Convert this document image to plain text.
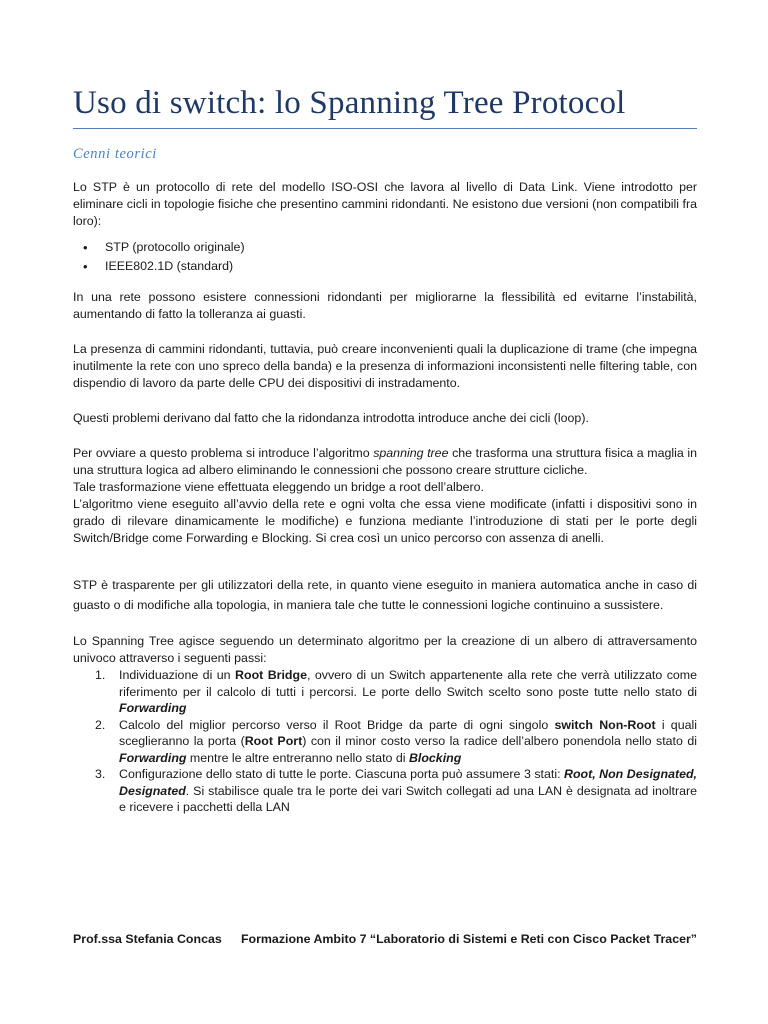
Uso di switch: lo Spanning Tree Protocol
Cenni teorici

Lo STP è un protocollo di rete del modello ISO-OSI che lavora al livello di Data Link. Viene introdotto per eliminare cicli in topologie fisiche che presentino cammini ridondanti. Ne esistono due versioni (non compatibili fra loro):

• STP (protocollo originale)
• IEEE802.1D (standard)

In una rete possono esistere connessioni ridondanti per migliorarne la flessibilità ed evitarne l’instabilità, aumentando di fatto la tolleranza ai guasti.

La presenza di cammini ridondanti, tuttavia, può creare inconvenienti quali la duplicazione di trame (che impegna inutilmente la rete con uno spreco della banda) e la presenza di informazioni inconsistenti nelle filtering table, con dispendio di lavoro da parte delle CPU dei dispositivi di instradamento.

Questi problemi derivano dal fatto che la ridondanza introdotta introduce anche dei cicli (loop).

Per ovviare a questo problema si introduce l’algoritmo spanning tree che trasforma una struttura fisica a maglia in una struttura logica ad albero eliminando le connessioni che possono creare strutture cicliche.

Tale trasformazione viene effettuata eleggendo un bridge a root dell’albero.

L’algoritmo viene eseguito all’avvio della rete e ogni volta che essa viene modificate (infatti i dispositivi sono in grado di rilevare dinamicamente le modifiche) e funziona mediante l’introduzione di stati per le porte degli Switch/Bridge come Forwarding e Blocking. Si crea così un unico percorso con assenza di anelli.

STP è trasparente per gli utilizzatori della rete, in quanto viene eseguito in maniera automatica anche in caso di guasto o di modifiche alla topologia, in maniera tale che tutte le connessioni logiche continuino a sussistere.

Lo Spanning Tree agisce seguendo un determinato algoritmo per la creazione di un albero di attraversamento univoco attraverso i seguenti passi:

1. Individuazione di un Root Bridge, ovvero di un Switch appartenente alla rete che verrà utilizzato come riferimento per il calcolo di tutti i percorsi. Le porte dello Switch scelto sono poste tutte nello stato di Forwarding
2. Calcolo del miglior percorso verso il Root Bridge da parte di ogni singolo switch Non-Root i quali sceglieranno la porta (Root Port) con il minor costo verso la radice dell’albero ponendola nello stato di Forwarding mentre le altre entreranno nello stato di Blocking
3. Configurazione dello stato di tutte le porte. Ciascuna porta può assumere 3 stati: Root, Non Designated, Designated. Si stabilisce quale tra le porte dei vari Switch collegati ad una LAN è designata ad inoltrare e ricevere i pacchetti della LAN
Prof.ssa Stefania Concas Formazione Ambito 7 “Laboratorio di Sistemi e Reti con Cisco Packet Tracer”
